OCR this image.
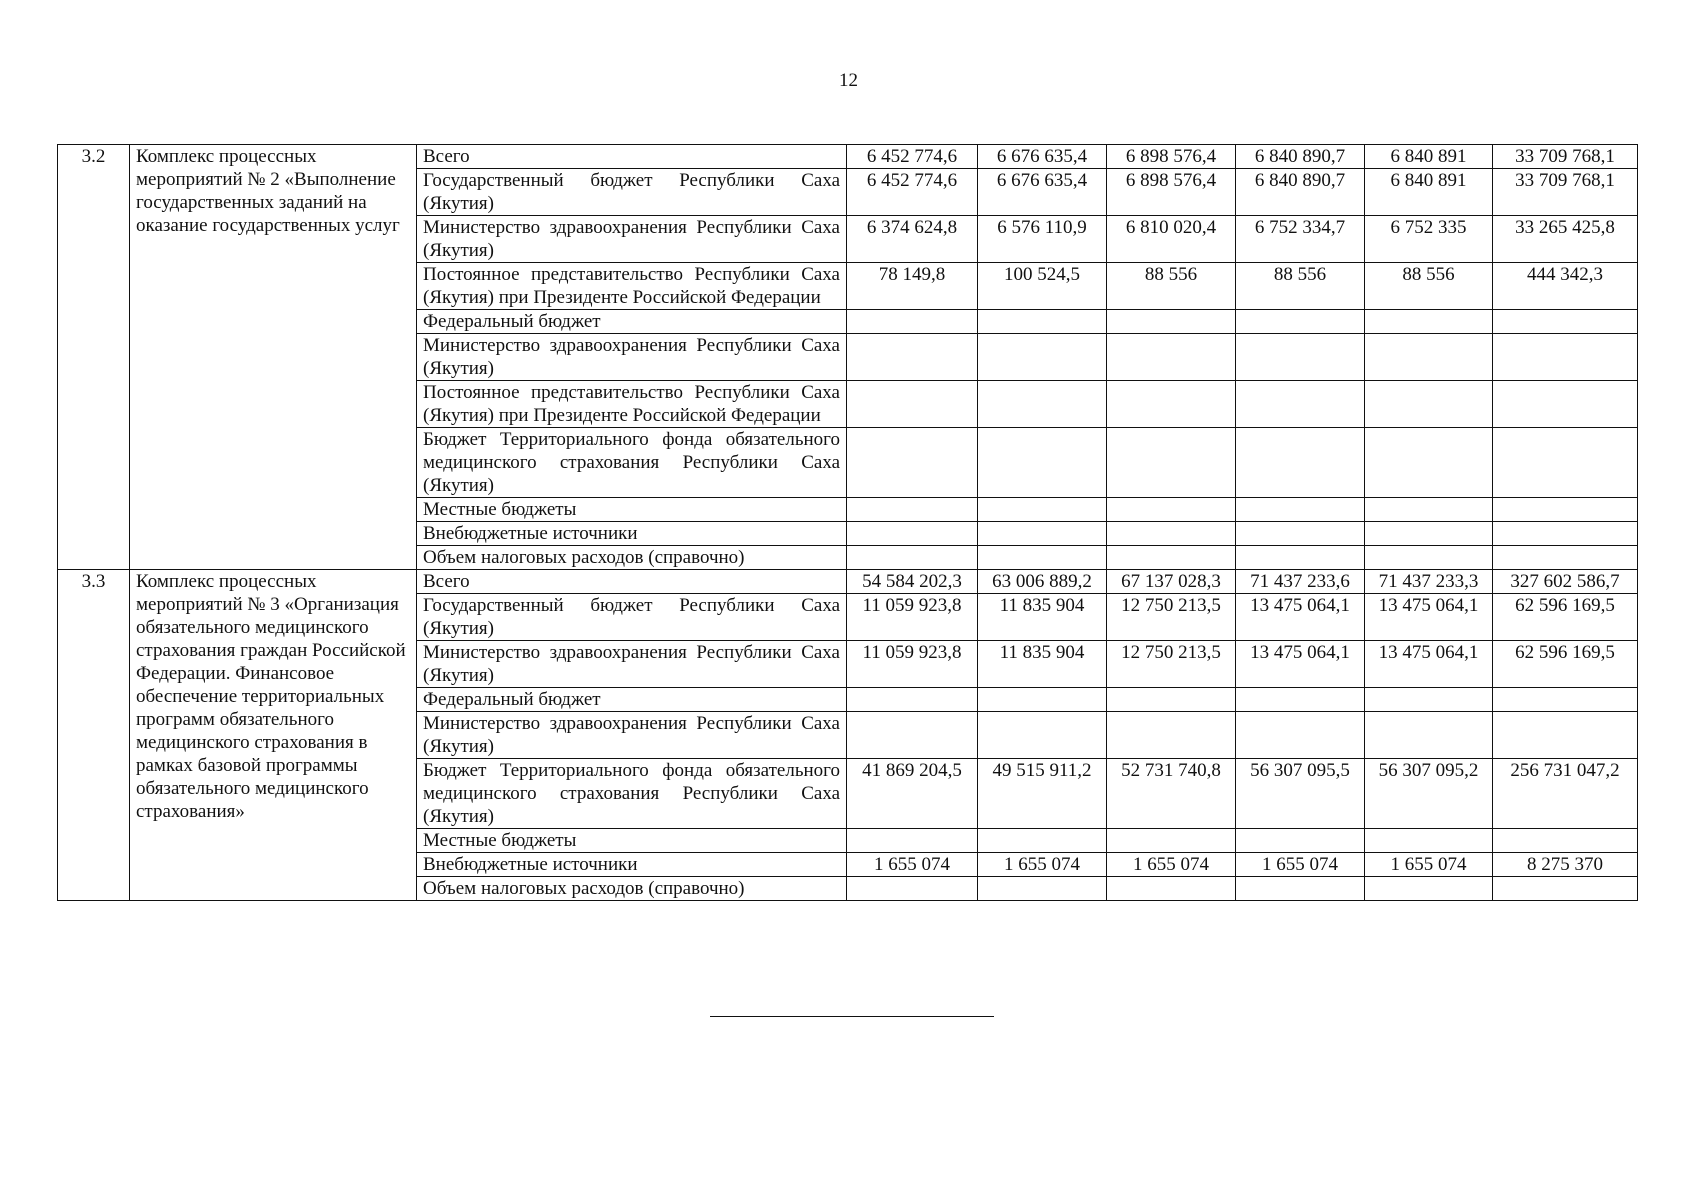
12
3.2	Комплекс процессных мероприятий № 2 «Выполнение государственных заданий на оказание государственных услуг	Всего	6 452 774,6	6 676 635,4	6 898 576,4	6 840 890,7	6 840 891	33 709 768,1
		Государственный бюджет Республики Саха (Якутия)	6 452 774,6	6 676 635,4	6 898 576,4	6 840 890,7	6 840 891	33 709 768,1
		Министерство здравоохранения Республики Саха (Якутия)	6 374 624,8	6 576 110,9	6 810 020,4	6 752 334,7	6 752 335	33 265 425,8
		Постоянное представительство Республики Саха (Якутия) при Президенте Российской Федерации	78 149,8	100 524,5	88 556	88 556	88 556	444 342,3
		Федеральный бюджет						
		Министерство здравоохранения Республики Саха (Якутия)						
		Постоянное представительство Республики Саха (Якутия) при Президенте Российской Федерации						
		Бюджет Территориального фонда обязательного медицинского страхования Республики Саха (Якутия)						
		Местные бюджеты						
		Внебюджетные источники						
		Объем налоговых расходов (справочно)						
3.3	Комплекс процессных мероприятий № 3 «Организация обязательного медицинского страхования граждан Российской Федерации. Финансовое обеспечение территориальных программ обязательного медицинского страхования в рамках базовой программы обязательного медицинского страхования»	Всего	54 584 202,3	63 006 889,2	67 137 028,3	71 437 233,6	71 437 233,3	327 602 586,7
		Государственный бюджет Республики Саха (Якутия)	11 059 923,8	11 835 904	12 750 213,5	13 475 064,1	13 475 064,1	62 596 169,5
		Министерство здравоохранения Республики Саха (Якутия)	11 059 923,8	11 835 904	12 750 213,5	13 475 064,1	13 475 064,1	62 596 169,5
		Федеральный бюджет						
		Министерство здравоохранения Республики Саха (Якутия)						
		Бюджет Территориального фонда обязательного медицинского страхования Республики Саха (Якутия)	41 869 204,5	49 515 911,2	52 731 740,8	56 307 095,5	56 307 095,2	256 731 047,2
		Местные бюджеты						
		Внебюджетные источники	1 655 074	1 655 074	1 655 074	1 655 074	1 655 074	8 275 370
		Объем налоговых расходов (справочно)						
